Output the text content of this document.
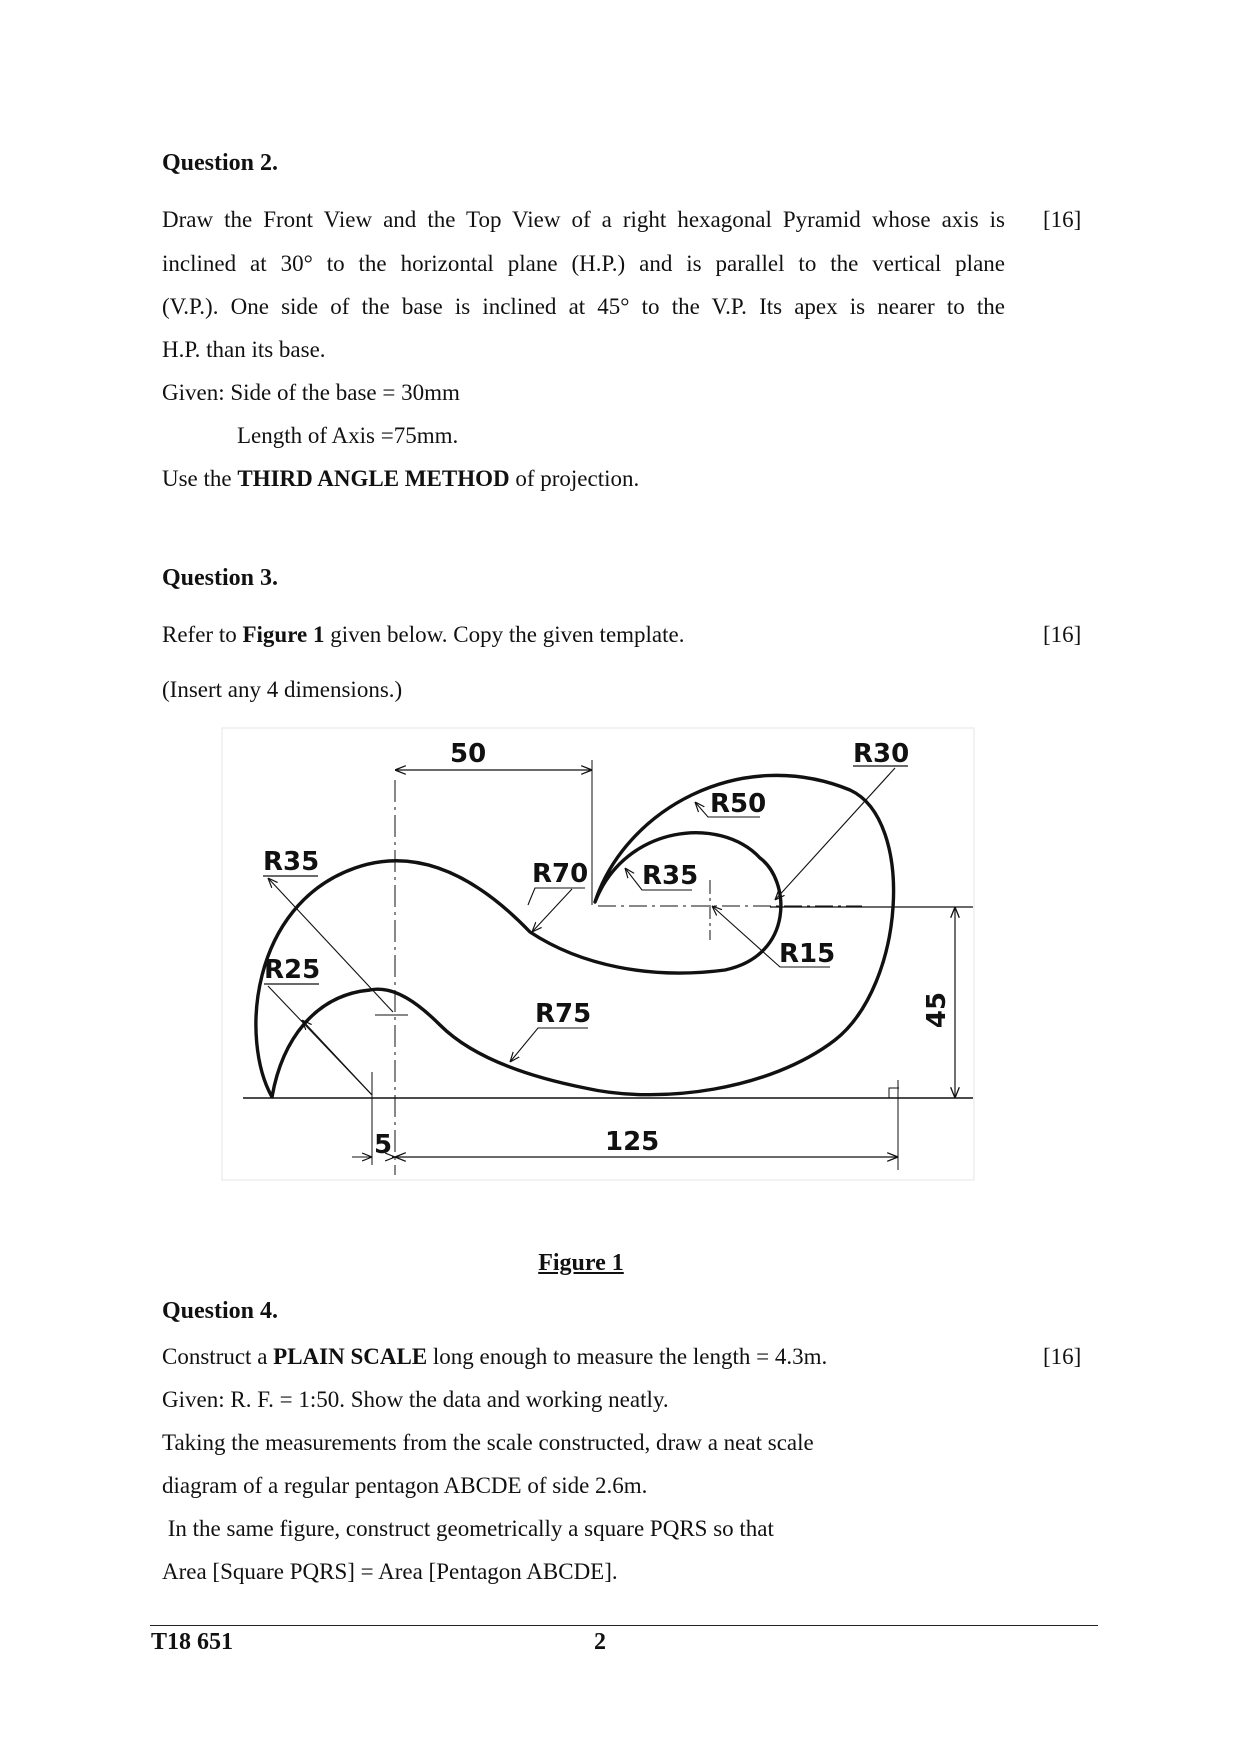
Question 2.
Draw the Front View and the Top View of a right hexagonal Pyramid whose axis is [16]
inclined at 30° to the horizontal plane (H.P.) and is parallel to the vertical plane
(V.P.). One side of the base is inclined at 45° to the V.P. Its apex is nearer to the
H.P. than its base.
Given: Side of the base = 30mm
Length of Axis =75mm.
Use the THIRD ANGLE METHOD of projection.
Question 3.
Refer to Figure 1 given below. Copy the given template.	[16]
(Insert any 4 dimensions.)
50	R30
R50
R35	R70 R35
R15
R25
R75	45
5	125
Figure 1
Question 4.
Construct a PLAIN SCALE long enough to measure the length = 4.3m.	[16]
Given: R. F. = 1:50. Show the data and working neatly.
Taking the measurements from the scale constructed, draw a neat scale
diagram of a regular pentagon ABCDE of side 2.6m.
In the same figure, construct geometrically a square PQRS so that
Area [Square PQRS] = Area [Pentagon ABCDE].
T18 651	2
